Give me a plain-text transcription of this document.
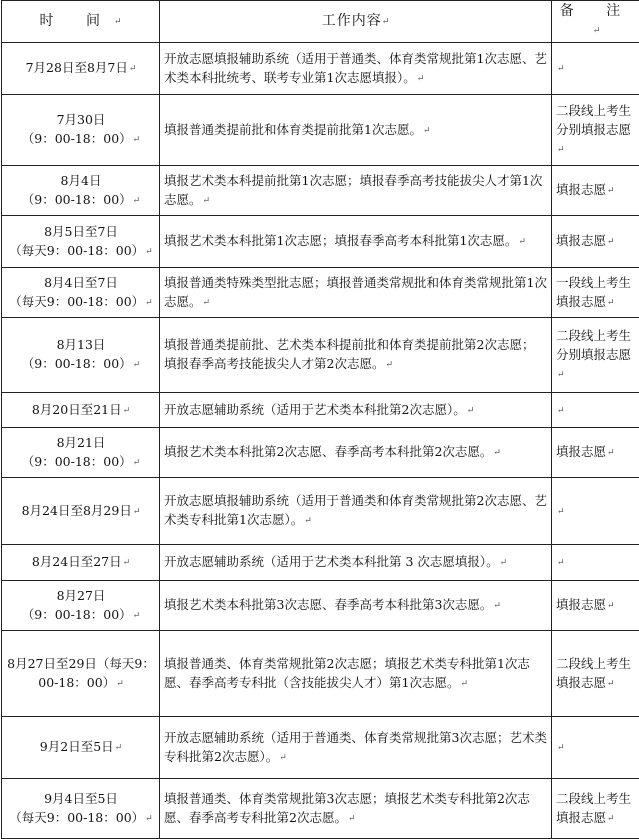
时 间↵	工作内容↵	备 注↵

7月28日至8月7日↵	开放志愿填报辅助系统（适用于普通类、体育类常规批第1次志愿、艺术类本科批统考、联考专业第1次志愿填报）。↵	↵

7月30日
（9：00-18：00）↵	填报普通类提前批和体育类提前批第1次志愿。↵	二段线上考生分别填报志愿↵

8月4日
（9：00-18：00）↵	填报艺术类本科提前批第1次志愿；填报春季高考技能拔尖人才第1次志愿。↵	填报志愿↵

8月5日至7日
（每天9：00-18：00）↵	填报艺术类本科批第1次志愿；填报春季高考本科批第1次志愿。↵	填报志愿↵

8月4日至7日
（每天9：00-18：00）↵	填报普通类特殊类型批志愿；填报普通类常规批和体育类常规批第1次志愿。↵	一段线上考生填报志愿↵

8月13日
（9：00-18：00）↵	填报普通类提前批、艺术类本科提前批和体育类提前批第2次志愿；
填报春季高考技能拔尖人才第2次志愿。↵	二段线上考生分别填报志愿↵

8月20日至21日↵	开放志愿辅助系统（适用于艺术类本科批第2次志愿）。↵	↵

8月21日
（9：00-18：00）↵	填报艺术类本科批第2次志愿、春季高考本科批第2次志愿。↵	填报志愿↵

8月24日至8月29日↵	开放志愿填报辅助系统（适用于普通类和体育类常规批第2次志愿、艺术类专科批第1次志愿）。↵	↵

8月24日至27日↵	开放志愿辅助系统（适用于艺术类本科批第 3 次志愿填报）。↵	↵

8月27日
（9：00-18：00）↵	填报艺术类本科批第3次志愿、春季高考本科批第3次志愿。↵	填报志愿↵

8月27日至29日（每天9：00-18：00）↵	填报普通类、体育类常规批第2次志愿；填报艺术类专科批第1次志愿、春季高考专科批（含技能拔尖人才）第1次志愿。↵	二段线上考生填报志愿↵

9月2日至5日↵	开放志愿辅助系统（适用于普通类、体育类常规批第3次志愿；艺术类专科批第2次志愿）。↵	↵

9月4日至5日
（每天9：00-18：00）↵	填报普通类、体育类常规批第3次志愿；填报艺术类专科批第2次志愿、春季高考专科批第2次志愿。↵	二段线上考生填报志愿↵
